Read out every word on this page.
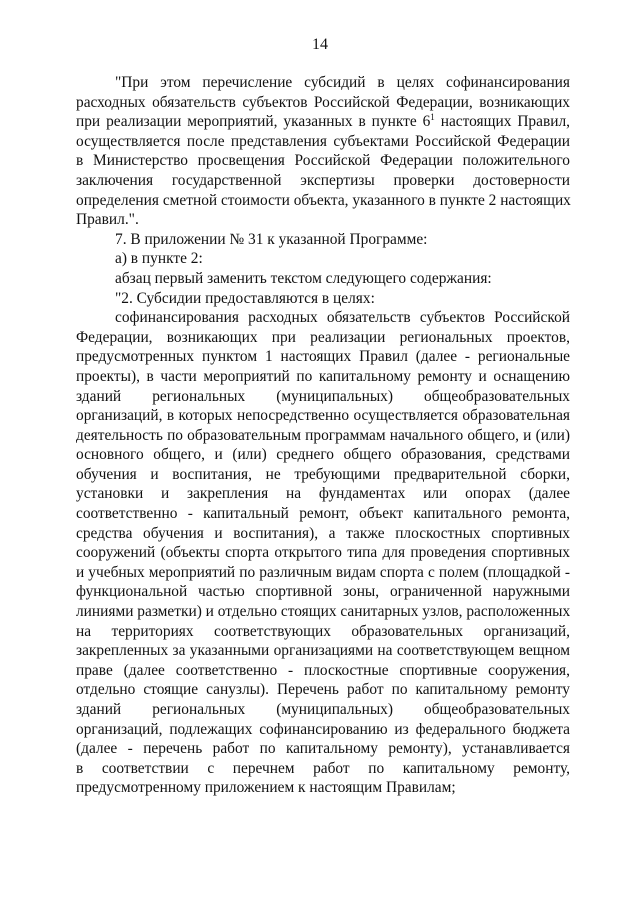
14
"При этом перечисление субсидий в целях софинансирования
расходных обязательств субъектов Российской Федерации, возникающих
при реализации мероприятий, указанных в пункте $6^1$ настоящих Правил,
осуществляется после представления субъектами Российской Федерации
в Министерство просвещения Российской Федерации положительного
заключения государственной экспертизы проверки достоверности
определения сметной стоимости объекта, указанного в пункте 2 настоящих
Правил.".
7. В приложении № 31 к указанной Программе:
а) в пункте 2:
абзац первый заменить текстом следующего содержания:
"2. Субсидии предоставляются в целях:
софинансирования расходных обязательств субъектов Российской
Федерации, возникающих при реализации региональных проектов,
предусмотренных пунктом 1 настоящих Правил (далее - региональные
проекты), в части мероприятий по капитальному ремонту и оснащению
зданий региональных (муниципальных) общеобразовательных
организаций, в которых непосредственно осуществляется образовательная
деятельность по образовательным программам начального общего, и (или)
основного общего, и (или) среднего общего образования, средствами
обучения и воспитания, не требующими предварительной сборки,
установки и закрепления на фундаментах или опорах (далее
соответственно - капитальный ремонт, объект капитального ремонта,
средства обучения и воспитания), а также плоскостных спортивных
сооружений (объекты спорта открытого типа для проведения спортивных
и учебных мероприятий по различным видам спорта с полем (площадкой -
функциональной частью спортивной зоны, ограниченной наружными
линиями разметки) и отдельно стоящих санитарных узлов, расположенных
на территориях соответствующих образовательных организаций,
закрепленных за указанными организациями на соответствующем вещном
праве (далее соответственно - плоскостные спортивные сооружения,
отдельно стоящие санузлы). Перечень работ по капитальному ремонту
зданий региональных (муниципальных) общеобразовательных
организаций, подлежащих софинансированию из федерального бюджета
(далее - перечень работ по капитальному ремонту), устанавливается
в соответствии с перечнем работ по капитальному ремонту,
предусмотренному приложением к настоящим Правилам;
